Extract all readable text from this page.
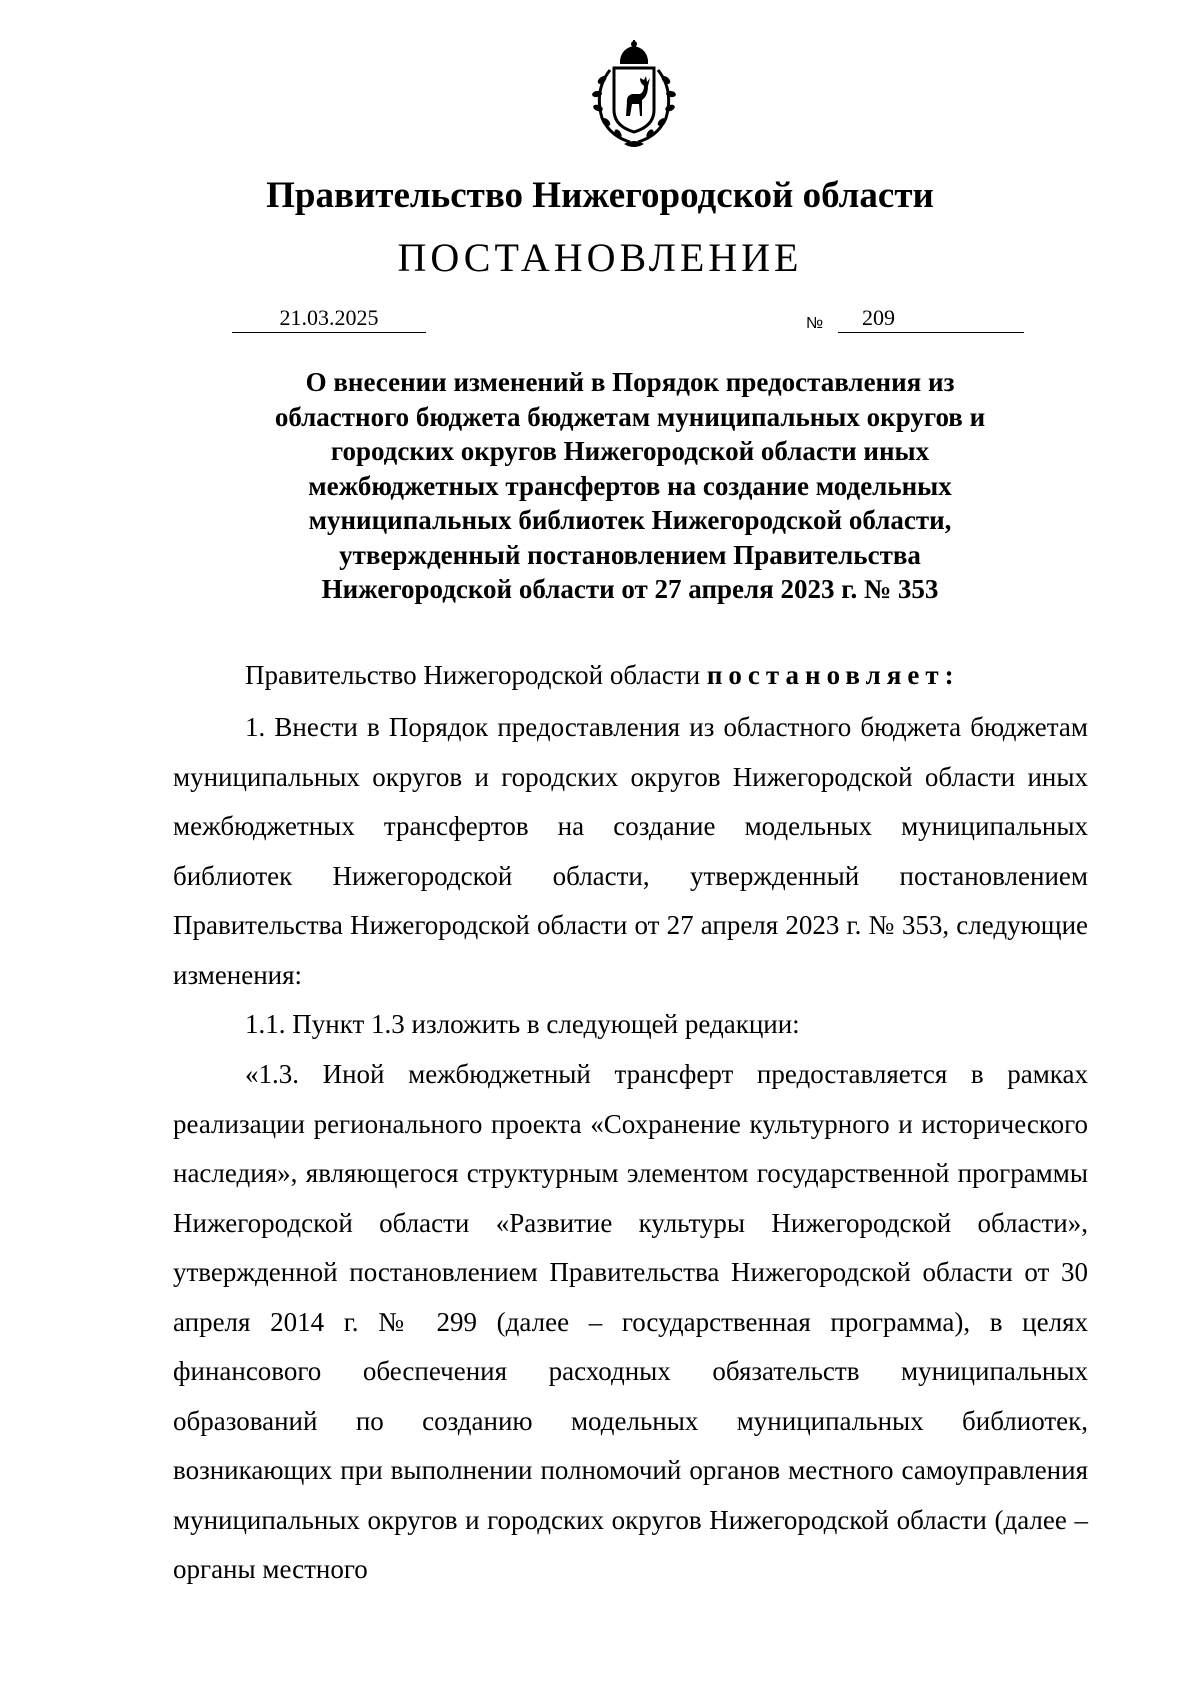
Правительство Нижегородской области
ПОСТАНОВЛЕНИЕ
21.03.2025	№	209
О внесении изменений в Порядок предоставления из
областного бюджета бюджетам муниципальных округов и
городских округов Нижегородской области иных
межбюджетных трансфертов на создание модельных
муниципальных библиотек Нижегородской области,
утвержденный постановлением Правительства
Нижегородской области от 27 апреля 2023 г. № 353
Правительство Нижегородской области постановляет:

1. Внести в Порядок предоставления из областного бюджета бюджетам муниципальных округов и городских округов Нижегородской области иных межбюджетных трансфертов на создание модельных муниципальных библиотек Нижегородской области, утвержденный постановлением Правительства Нижегородской области от 27 апреля 2023 г. № 353, следующие изменения:

1.1. Пункт 1.3 изложить в следующей редакции:

«1.3. Иной межбюджетный трансферт предоставляется в рамках реализации регионального проекта «Сохранение культурного и исторического наследия», являющегося структурным элементом государственной программы Нижегородской области «Развитие культуры Нижегородской области», утвержденной постановлением Правительства Нижегородской области от 30 апреля 2014 г. № 299 (далее – государственная программа), в целях финансового обеспечения расходных обязательств муниципальных образований по созданию модельных муниципальных библиотек, возникающих при выполнении полномочий органов местного самоуправления муниципальных округов и городских округов Нижегородской области (далее – органы местного
